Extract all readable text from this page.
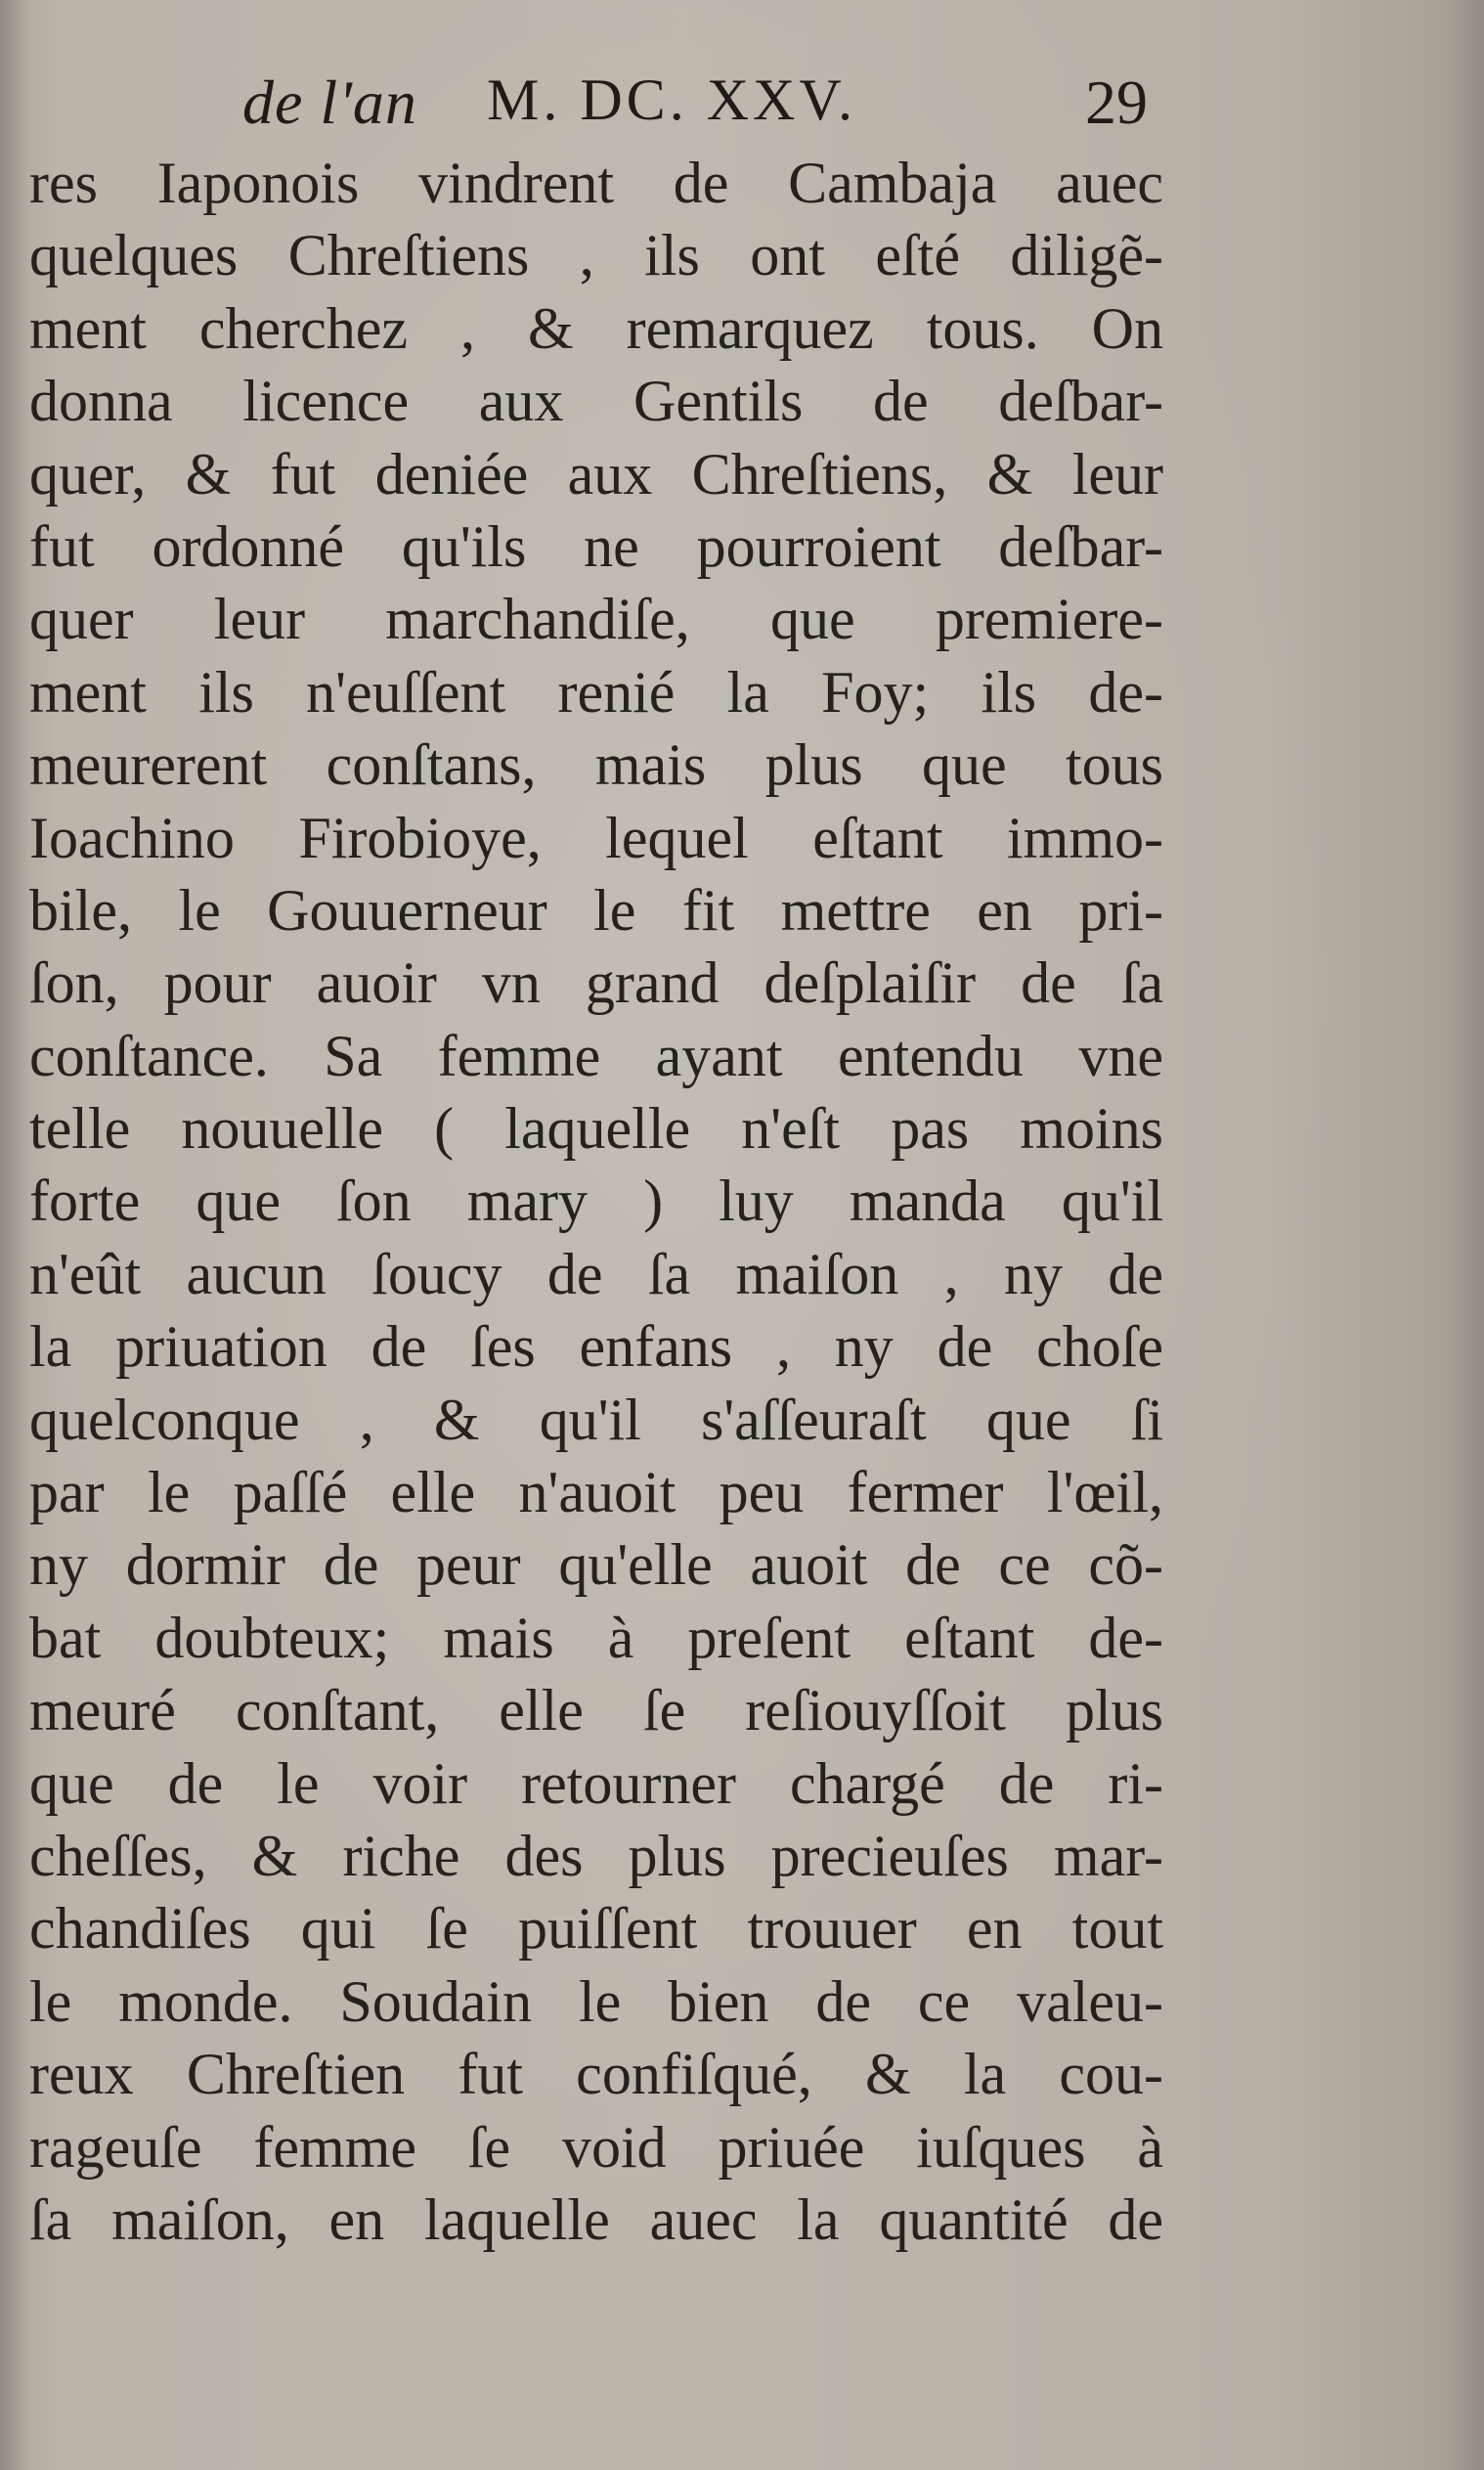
de l'an M. DC. XXV.	29
res Iaponois vindrent de Cambaja auec
quelques Chreſtiens , ils ont eſté diligẽ-
ment cherchez , & remarquez tous. On
donna licence aux Gentils de deſbar-
quer, & fut deniée aux Chreſtiens, & leur
fut ordonné qu'ils ne pourroient deſbar-
quer leur marchandiſe, que premiere-
ment ils n'euſſent renié la Foy; ils de-
meurerent conſtans, mais plus que tous
Ioachino Firobioye, lequel eſtant immo-
bile, le Gouuerneur le fit mettre en pri-
ſon, pour auoir vn grand deſplaiſir de ſa
conſtance. Sa femme ayant entendu vne
telle nouuelle ( laquelle n'eſt pas moins
forte que ſon mary ) luy manda qu'il
n'eût aucun ſoucy de ſa maiſon , ny de
la priuation de ſes enfans , ny de choſe
quelconque , & qu'il s'aſſeuraſt que ſi
par le paſſé elle n'auoit peu fermer l'œil,
ny dormir de peur qu'elle auoit de ce cõ-
bat doubteux; mais à preſent eſtant de-
meuré conſtant, elle ſe reſiouyſſoit plus
que de le voir retourner chargé de ri-
cheſſes, & riche des plus precieuſes mar-
chandiſes qui ſe puiſſent trouuer en tout
le monde. Soudain le bien de ce valeu-
reux Chreſtien fut confiſqué, & la cou-
rageuſe femme ſe void priuée iuſques à
ſa maiſon, en laquelle auec la quantité de
